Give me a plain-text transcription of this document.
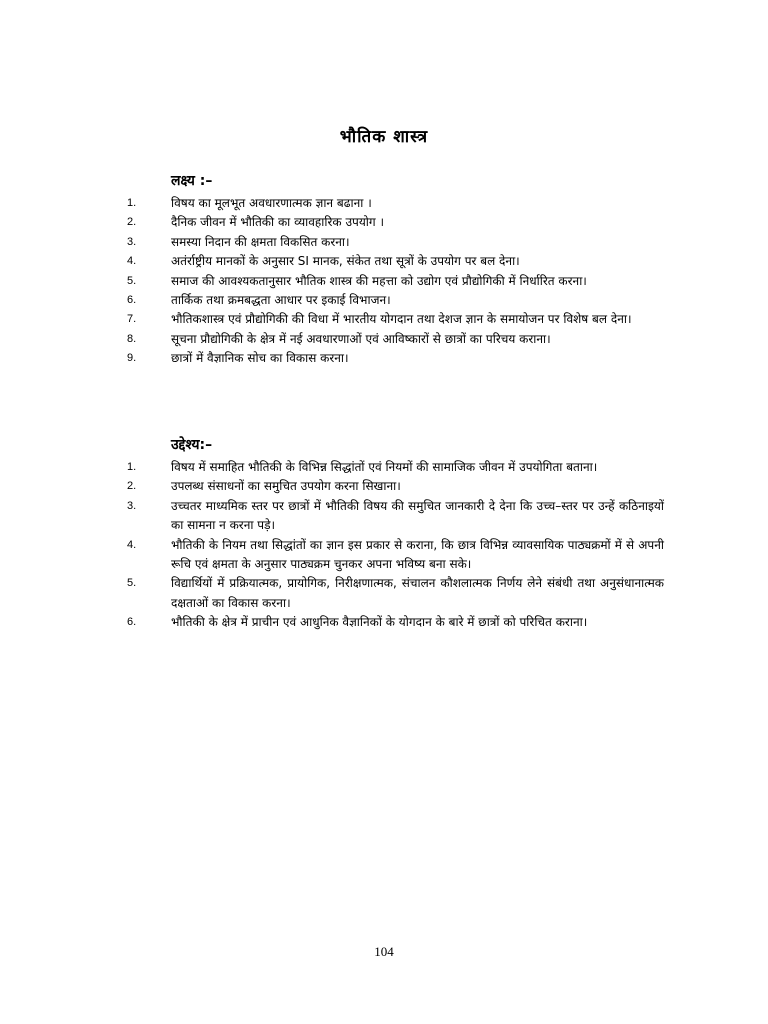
भौतिक शास्त्र
लक्ष्य :–
1.	विषय का मूलभूत अवधारणात्मक ज्ञान बढाना ।
2.	दैनिक जीवन में भौतिकी का व्यावहारिक उपयोग ।
3.	समस्या निदान की क्षमता विकसित करना।
4.	अतंर्राष्ट्रीय मानकों के अनुसार SI मानक, संकेत तथा सूत्रों के उपयोग पर बल देना।
5.	समाज की आवश्यकतानुसार भौतिक शास्त्र की महत्ता को उद्योग एवं प्रौद्योगिकी में निर्धारित करना।
6.	तार्किक तथा क्रमबद्धता आधार पर इकाई विभाजन।
7.	भौतिकशास्त्र एवं प्रौद्योगिकी की विधा में भारतीय योगदान तथा देशज ज्ञान के समायोजन पर विशेष बल देना।
8.	सूचना प्रौद्योगिकी के क्षेत्र में नई अवधारणाओं एवं आविष्कारों से छात्रों का परिचय कराना।
9.	छात्रों में वैज्ञानिक सोच का विकास करना।
उद्देश्य:–
1.	विषय में समाहित भौतिकी के विभिन्न सिद्धांतों एवं नियमों की सामाजिक जीवन में उपयोगिता बताना।
2.	उपलब्ध संसाधनों का समुचित उपयोग करना सिखाना।
3.	उच्चतर माध्यमिक स्तर पर छात्रों में भौतिकी विषय की समुचित जानकारी दे देना कि उच्च–स्तर पर उन्हें कठिनाइयों का सामना न करना पड़े।
4.	भौतिकी के नियम तथा सिद्धांतों का ज्ञान इस प्रकार से कराना, कि छात्र विभिन्न व्यावसायिक पाठ्यक्रमों में से अपनी रूचि एवं क्षमता के अनुसार पाठ्यक्रम चुनकर अपना भविष्य बना सके।
5.	विद्यार्थियों में प्रक्रियात्मक, प्रायोगिक, निरीक्षणात्मक, संचालन कौशलात्मक निर्णय लेने संबंधी तथा अनुसंधानात्मक दक्षताओं का विकास करना।
6.	भौतिकी के क्षेत्र में प्राचीन एवं आधुनिक वैज्ञानिकों के योगदान के बारे में छात्रों को परिचित कराना।
104
